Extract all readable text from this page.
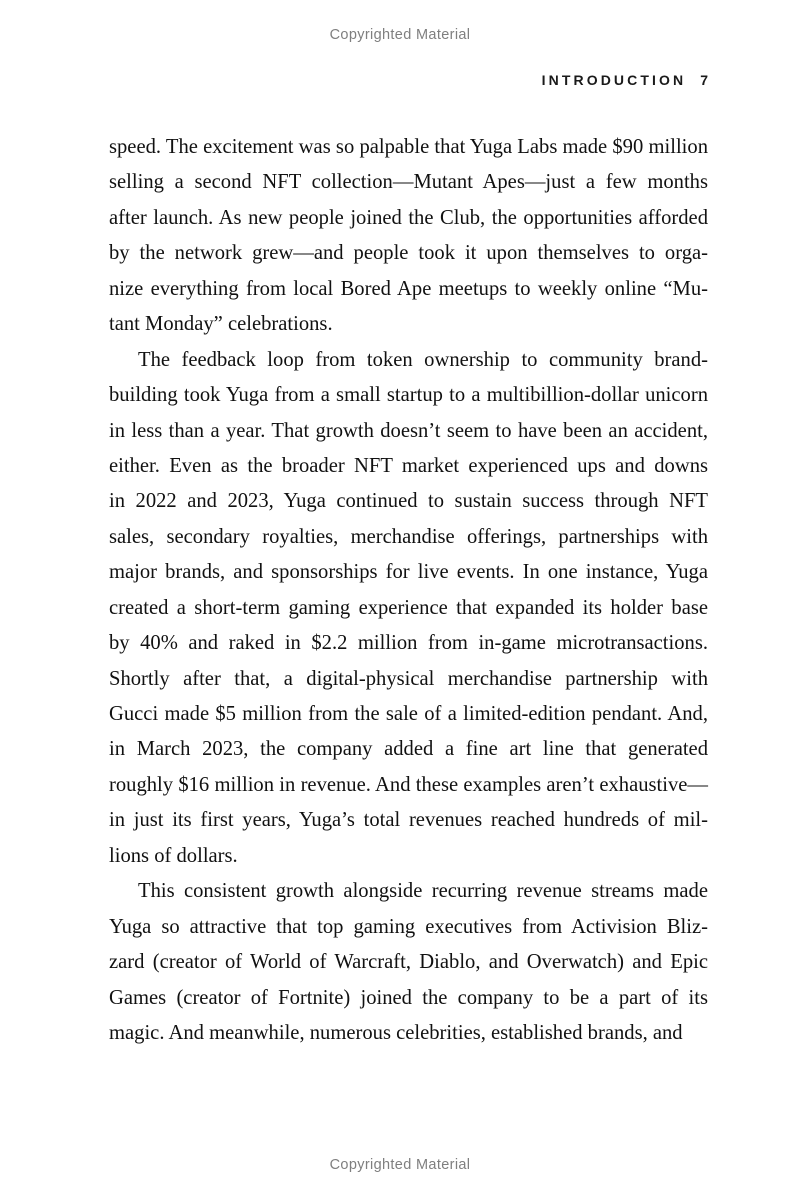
Copyrighted Material
INTRODUCTION 7

speed. The excitement was so palpable that Yuga Labs made $90 million
selling a second NFT collection—Mutant Apes—just a few months
after launch. As new people joined the Club, the opportunities afforded
by the network grew—and people took it upon themselves to orga-
nize everything from local Bored Ape meetups to weekly online “Mu-
tant Monday” celebrations.

The feedback loop from token ownership to community brand-
building took Yuga from a small startup to a multibillion-dollar unicorn
in less than a year. That growth doesn’t seem to have been an accident,
either. Even as the broader NFT market experienced ups and downs
in 2022 and 2023, Yuga continued to sustain success through NFT
sales, secondary royalties, merchandise offerings, partnerships with
major brands, and sponsorships for live events. In one instance, Yuga
created a short-term gaming experience that expanded its holder base
by 40% and raked in $2.2 million from in-game microtransactions.
Shortly after that, a digital-physical merchandise partnership with
Gucci made $5 million from the sale of a limited-edition pendant. And,
in March 2023, the company added a fine art line that generated
roughly $16 million in revenue. And these examples aren’t exhaustive—
in just its first years, Yuga’s total revenues reached hundreds of mil-
lions of dollars.

This consistent growth alongside recurring revenue streams made
Yuga so attractive that top gaming executives from Activision Bliz-
zard (creator of World of Warcraft, Diablo, and Overwatch) and Epic
Games (creator of Fortnite) joined the company to be a part of its
magic. And meanwhile, numerous celebrities, established brands, and

Copyrighted Material
